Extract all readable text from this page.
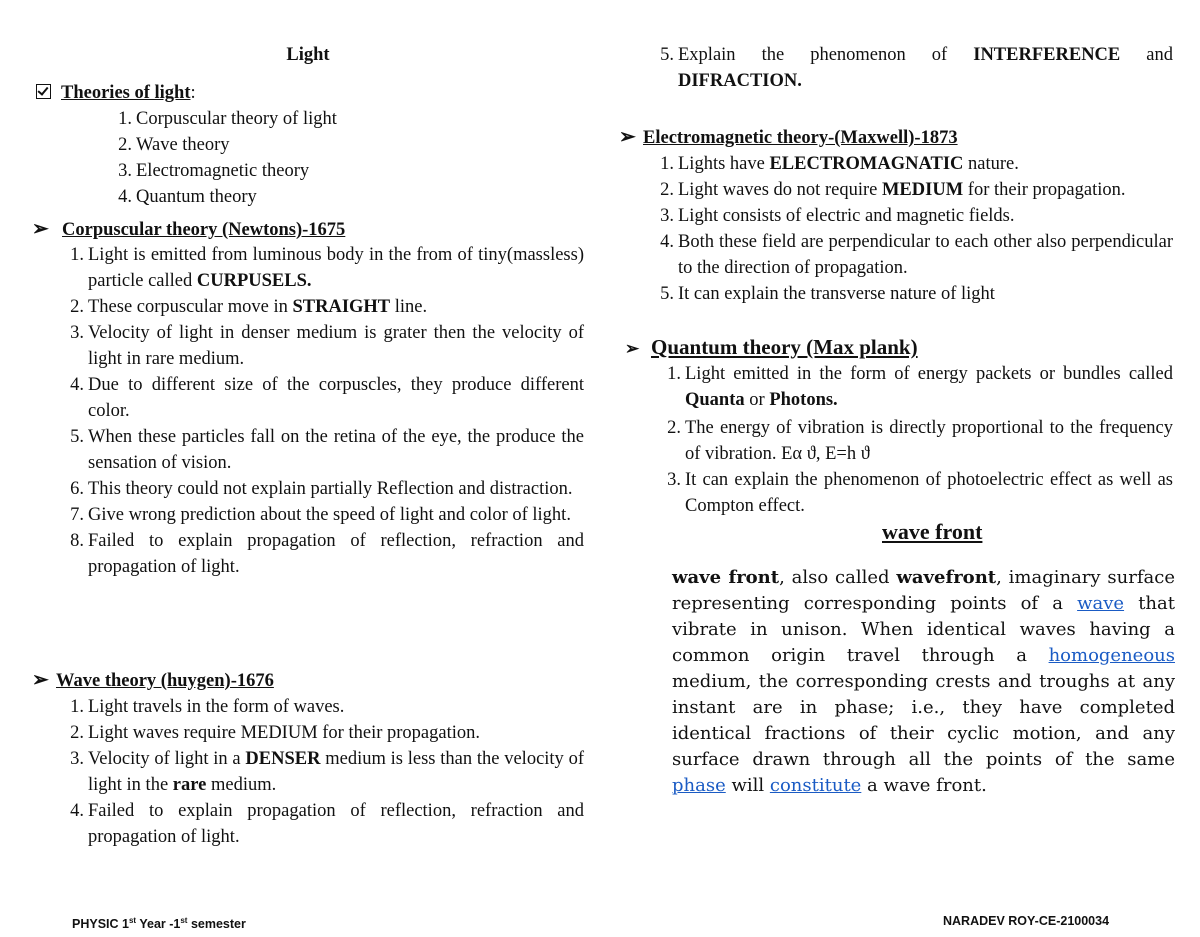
Light
Theories of light:
1. Corpuscular theory of light
2. Wave theory
3. Electromagnetic theory
4. Quantum theory
➢ Corpuscular theory (Newtons)-1675
1. Light is emitted from luminous body in the from of tiny(massless) particle called CURPUSELS.
2. These corpuscular move in STRAIGHT line.
3. Velocity of light in denser medium is grater then the velocity of light in rare medium.
4. Due to different size of the corpuscles, they produce different color.
5. When these particles fall on the retina of the eye, the produce the sensation of vision.
6. This theory could not explain partially Reflection and distraction.
7. Give wrong prediction about the speed of light and color of light.
8. Failed to explain propagation of reflection, refraction and propagation of light.
➢ Wave theory (huygen)-1676
1. Light travels in the form of waves.
2. Light waves require MEDIUM for their propagation.
3. Velocity of light in a DENSER medium is less than the velocity of light in the rare medium.
4. Failed to explain propagation of reflection, refraction and propagation of light.
PHYSIC 1st Year -1st semester
5. Explain the phenomenon of INTERFERENCE and DIFRACTION.
➢ Electromagnetic theory-(Maxwell)-1873
1. Lights have ELECTROMAGNATIC nature.
2. Light waves do not require MEDIUM for their propagation.
3. Light consists of electric and magnetic fields.
4. Both these field are perpendicular to each other also perpendicular to the direction of propagation.
5. It can explain the transverse nature of light
➢ Quantum theory (Max plank)
1. Light emitted in the form of energy packets or bundles called Quanta or Photons.
2. The energy of vibration is directly proportional to the frequency of vibration. Eα ϑ, E=h ϑ
3. It can explain the phenomenon of photoelectric effect as well as Compton effect.
wave front
wave front, also called wavefront, imaginary surface representing corresponding points of a wave that vibrate in unison. When identical waves having a common origin travel through a homogeneous medium, the corresponding crests and troughs at any instant are in phase; i.e., they have completed identical fractions of their cyclic motion, and any surface drawn through all the points of the same phase will constitute a wave front.
NARADEV ROY-CE-2100034
